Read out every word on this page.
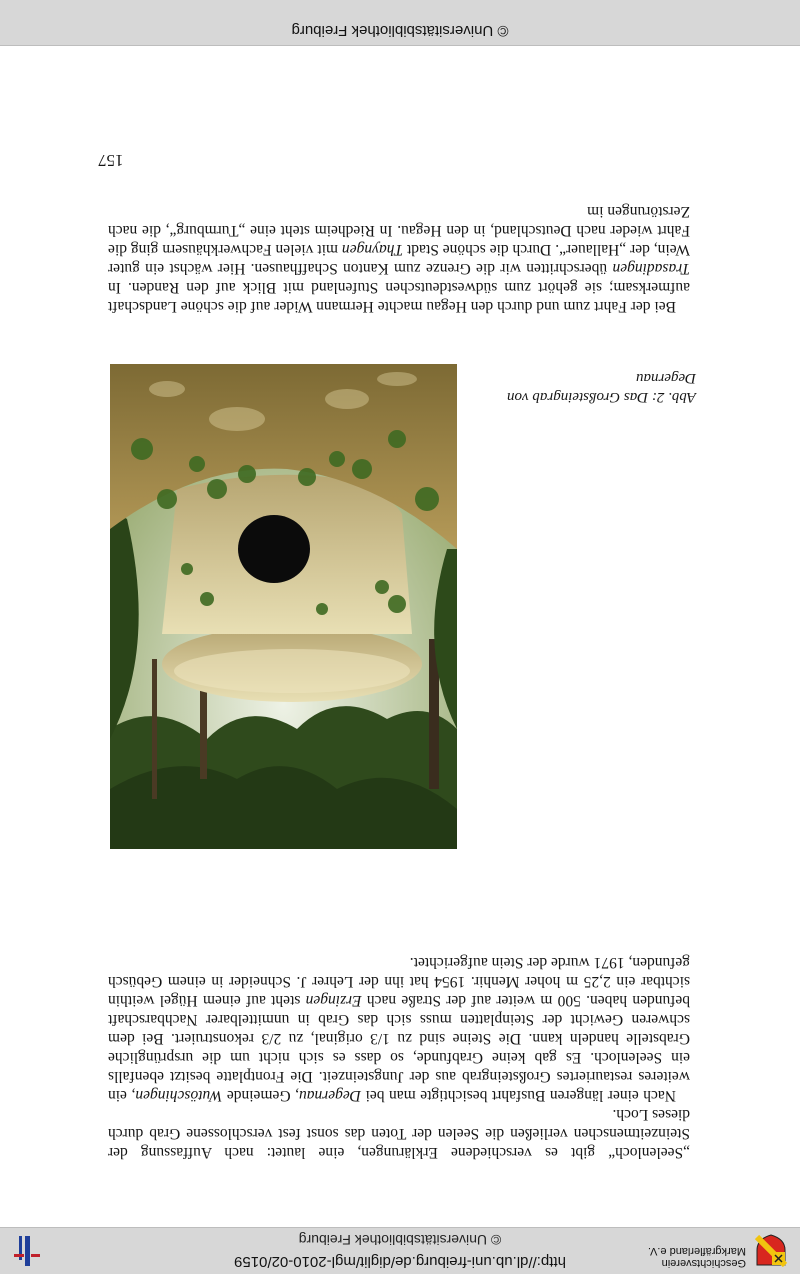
http://dl.ub.uni-freiburg.de/diglit/mgl-2010-02/0159
© Universitätsbibliothek Freiburg
Geschichtsverein
Markgräflerland e.V.

„Seelenloch“ gibt es verschiedene Erklärungen, eine lautet: nach Auffassung der Steinzeitmenschen verließen die Seelen der Toten das sonst fest verschlossene Grab durch dieses Loch.

Nach einer längeren Busfahrt besichtigte man bei Degernau, Gemeinde Wutöschingen, ein weiteres restauriertes Großsteingrab aus der Jungsteinzeit. Die Frontplatte besitzt ebenfalls ein Seelenloch. Es gab keine Grabfunde, so dass es sich nicht um die ursprüngliche Grabstelle handeln kann. Die Steine sind zu 1/3 original, zu 2/3 rekonstruiert. Bei dem schweren Gewicht der Steinplatten muss sich das Grab in unmittelbarer Nachbarschaft befunden haben. 500 m weiter auf der Straße nach Erzingen steht auf einem Hügel weithin sichtbar ein 2,25 m hoher Menhir. 1954 hat ihn der Lehrer J. Schneider in einem Gebüsch gefunden, 1971 wurde der Stein aufgerichtet.

Abb. 2: Das Großsteingrab von
Degernau

Bei der Fahrt zum und durch den Hegau machte Hermann Wider auf die schöne Landschaft aufmerksam; sie gehört zum südwestdeutschen Stufenland mit Blick auf den Randen. In Trasadingen überschritten wir die Grenze zum Kanton Schaffhausen. Hier wächst ein guter Wein, der „Hallauer“. Durch die schöne Stadt Thayngen mit vielen Fachwerkhäusern ging die Fahrt wieder nach Deutschland, in den Hegau. In Riedheim steht eine „Turmburg“, die nach Zerstörungen im

157
© Universitätsbibliothek Freiburg
